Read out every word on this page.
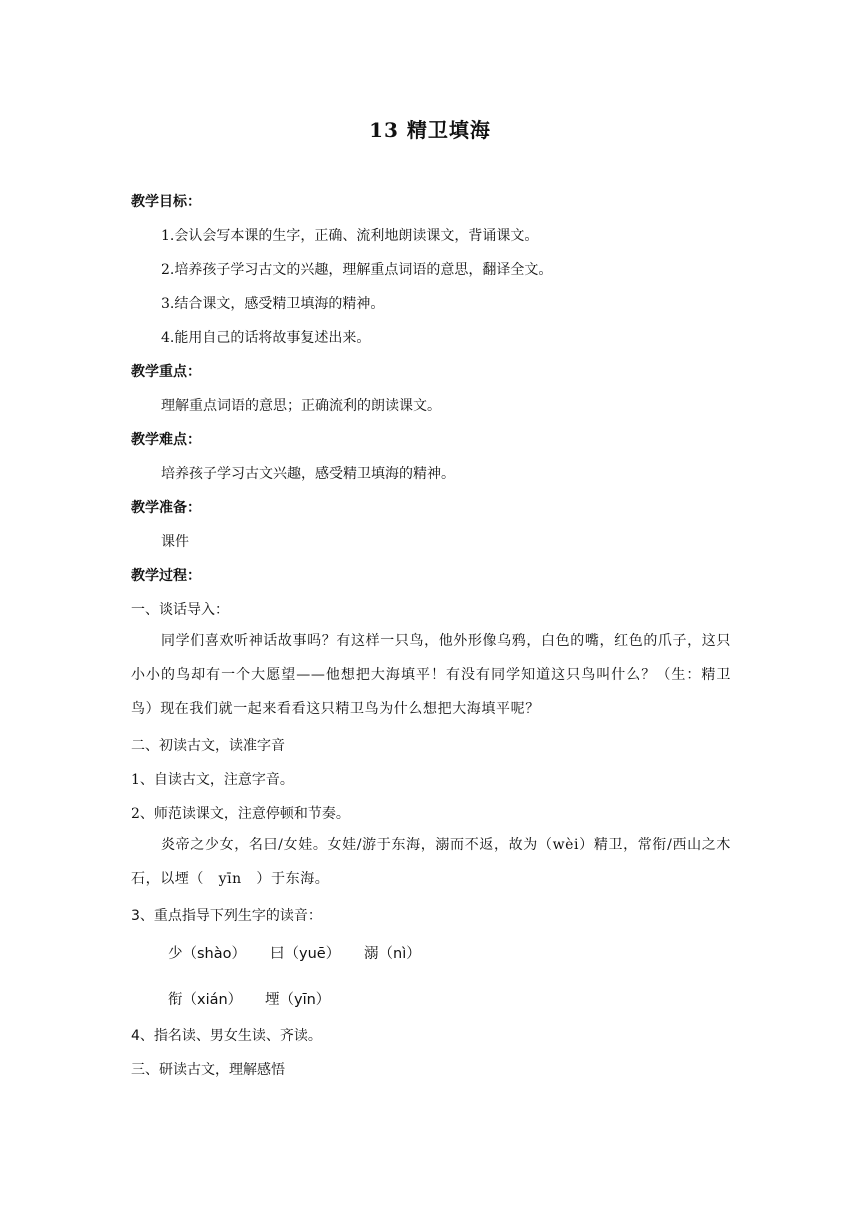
13 精卫填海
教学目标：
1.会认会写本课的生字，正确、流利地朗读课文，背诵课文。
2.培养孩子学习古文的兴趣，理解重点词语的意思，翻译全文。
3.结合课文，感受精卫填海的精神。
4.能用自己的话将故事复述出来。
教学重点：
理解重点词语的意思；正确流利的朗读课文。
教学难点：
培养孩子学习古文兴趣，感受精卫填海的精神。
教学准备：
课件
教学过程：
一、谈话导入：
同学们喜欢听神话故事吗？有这样一只鸟，他外形像乌鸦，白色的嘴，红色的爪子，这只小小的鸟却有一个大愿望——他想把大海填平！有没有同学知道这只鸟叫什么？（生：精卫鸟）现在我们就一起来看看这只精卫鸟为什么想把大海填平呢？
二、初读古文，读准字音
1、自读古文，注意字音。
2、师范读课文，注意停顿和节奏。
炎帝之少女，名曰/女娃。女娃/游于东海，溺而不返，故为（wèi）精卫，常衔/西山之木石，以堙（　yīn　）于东海。
3、重点指导下列生字的读音：
少（shào） 曰（yuē） 溺（nì）
衔（xián） 堙（yīn）
4、指名读、男女生读、齐读。
三、研读古文，理解感悟
